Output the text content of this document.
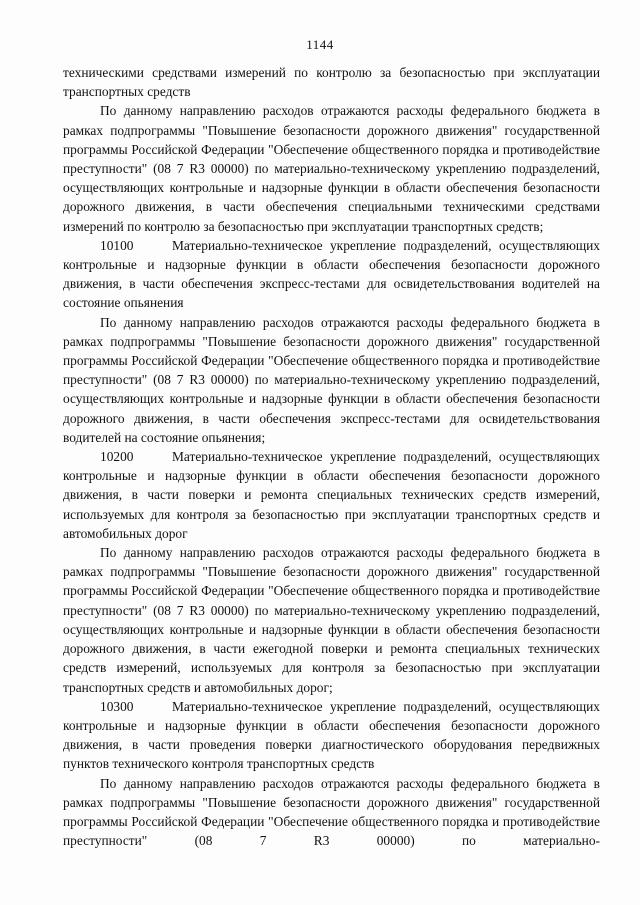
1144

техническими средствами измерений по контролю за безопасностью при эксплуатации транспортных средств

По данному направлению расходов отражаются расходы федерального бюджета в рамках подпрограммы "Повышение безопасности дорожного движения" государственной программы Российской Федерации "Обеспечение общественного порядка и противодействие преступности" (08 7 R3 00000) по материально-техническому укреплению подразделений, осуществляющих контрольные и надзорные функции в области обеспечения безопасности дорожного движения, в части обеспечения специальными техническими средствами измерений по контролю за безопасностью при эксплуатации транспортных средств;

10100	Материально-техническое укрепление подразделений, осуществляющих контрольные и надзорные функции в области обеспечения безопасности дорожного движения, в части обеспечения экспресс-тестами для освидетельствования водителей на состояние опьянения

По данному направлению расходов отражаются расходы федерального бюджета в рамках подпрограммы "Повышение безопасности дорожного движения" государственной программы Российской Федерации "Обеспечение общественного порядка и противодействие преступности" (08 7 R3 00000) по материально-техническому укреплению подразделений, осуществляющих контрольные и надзорные функции в области обеспечения безопасности дорожного движения, в части обеспечения экспресс-тестами для освидетельствования водителей на состояние опьянения;

10200	Материально-техническое укрепление подразделений, осуществляющих контрольные и надзорные функции в области обеспечения безопасности дорожного движения, в части поверки и ремонта специальных технических средств измерений, используемых для контроля за безопасностью при эксплуатации транспортных средств и автомобильных дорог

По данному направлению расходов отражаются расходы федерального бюджета в рамках подпрограммы "Повышение безопасности дорожного движения" государственной программы Российской Федерации "Обеспечение общественного порядка и противодействие преступности" (08 7 R3 00000) по материально-техническому укреплению подразделений, осуществляющих контрольные и надзорные функции в области обеспечения безопасности дорожного движения, в части ежегодной поверки и ремонта специальных технических средств измерений, используемых для контроля за безопасностью при эксплуатации транспортных средств и автомобильных дорог;

10300	Материально-техническое укрепление подразделений, осуществляющих контрольные и надзорные функции в области обеспечения безопасности дорожного движения, в части проведения поверки диагностического оборудования передвижных пунктов технического контроля транспортных средств

По данному направлению расходов отражаются расходы федерального бюджета в рамках подпрограммы "Повышение безопасности дорожного движения" государственной программы Российской Федерации "Обеспечение общественного порядка и противодействие преступности" (08 7 R3 00000) по материально-
